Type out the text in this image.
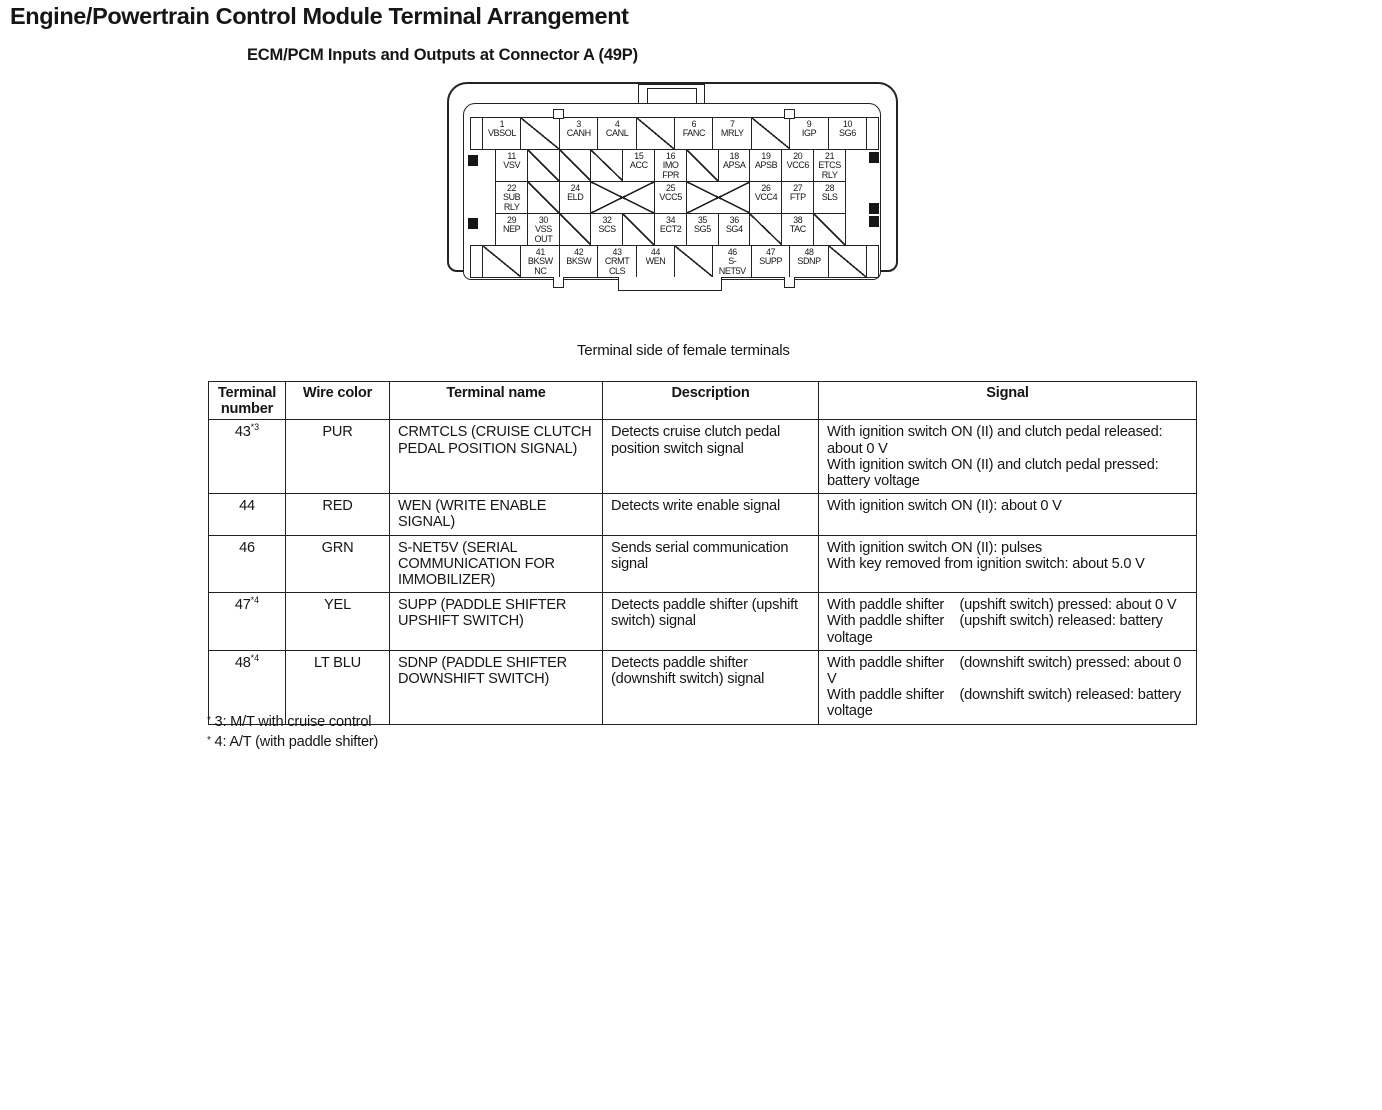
Engine/Powertrain Control Module Terminal Arrangement
ECM/PCM Inputs and Outputs at Connector A (49P)
1
VBSOL
3
CANH
4
CANL
6
FANC
7
MRLY
9
IGP
10
SG6
11
VSV
15
ACC
16
IMO
FPR
18
APSA
19
APSB
20
VCC6
21
ETCS
RLY
22
SUB
RLY
24
ELD
25
VCC5
26
VCC4
27
FTP
28
SLS
29
NEP
30
VSS
OUT
32
SCS
34
ECT2
35
SG5
36
SG4
38
TAC
41
BKSW
NC
42
BKSW
43
CRMT
CLS
44
WEN
46
S-
NET5V
47
SUPP
48
SDNP
Terminal side of female terminals
Terminal number	Wire color	Terminal name	Description	Signal
43$^{*3}$	PUR	CRMTCLS (CRUISE CLUTCH PEDAL POSITION SIGNAL)	Detects cruise clutch pedal position switch signal	With ignition switch ON (II) and clutch pedal released: about 0 V
With ignition switch ON (II) and clutch pedal pressed: battery voltage

44	RED	WEN (WRITE ENABLE SIGNAL)	Detects write enable signal	With ignition switch ON (II): about 0 V

46	GRN	S-NET5V (SERIAL COMMUNICATION FOR IMMOBILIZER)	Sends serial communication signal	With ignition switch ON (II): pulses
With key removed from ignition switch: about 5.0 V

47$^{*4}$	YEL	SUPP (PADDLE SHIFTER UPSHIFT SWITCH)	Detects paddle shifter (upshift switch) signal	With paddle shifter    (upshift switch) pressed: about 0 V
With paddle shifter    (upshift switch) released: battery voltage

48$^{*4}$	LT BLU	SDNP (PADDLE SHIFTER DOWNSHIFT SWITCH)	Detects paddle shifter (downshift switch) signal	With paddle shifter    (downshift switch) pressed: about 0 V
With paddle shifter    (downshift switch) released: battery voltage
* 3: M/T with cruise control
* 4: A/T (with paddle shifter)
